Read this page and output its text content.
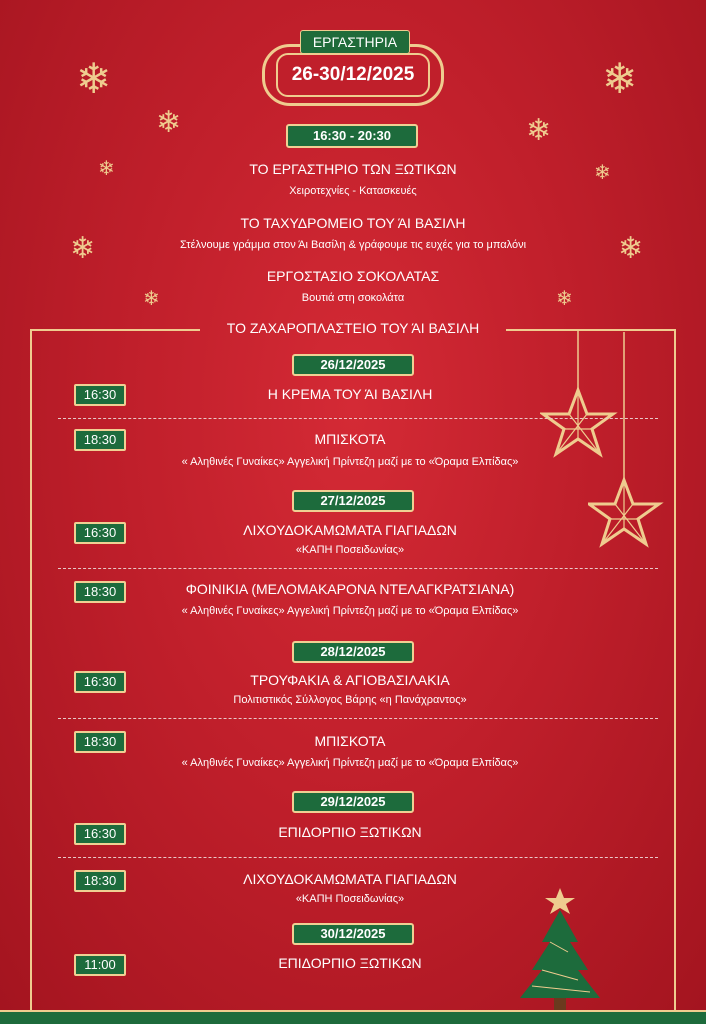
❄	❄
❄	❄
❄	❄
❄	❄
❄	❄
ΕΡΓΑΣΤΗΡΙΑ
26-30/12/2025
16:30 - 20:30
ΤΟ ΕΡΓΑΣΤΗΡΙΟ ΤΩΝ ΞΩΤΙΚΩΝ
Χειροτεχνίες - Κατασκευές
ΤΟ ΤΑΧΥΔΡΟΜΕΙΟ ΤΟΥ ΆΙ ΒΑΣΙΛΗ
Στέλνουμε γράμμα στον Άι Βασίλη & γράφουμε τις ευχές για το μπαλόνι
ΕΡΓΟΣΤΑΣΙΟ ΣΟΚΟΛΑΤΑΣ
Βουτιά στη σοκολάτα
ΤΟ ΖΑΧΑΡΟΠΛΑΣΤΕΙΟ ΤΟΥ ΆΙ ΒΑΣΙΛΗ
26/12/2025
16:30	Η ΚΡΕΜΑ ΤΟΥ ΆΙ ΒΑΣΙΛΗ
18:30	ΜΠΙΣΚΟΤΑ
« Αληθινές Γυναίκες» Αγγελική Πρίντεζη μαζί με το «Όραμα Ελπίδας»
27/12/2025
16:30	ΛΙΧΟΥΔΟΚΑΜΩΜΑΤΑ ΓΙΑΓΙΑΔΩΝ
«ΚΑΠΗ Ποσειδωνίας»
18:30	ΦΟΙΝΙΚΙΑ (ΜΕΛΟΜΑΚΑΡΟΝΑ ΝΤΕΛΑΓΚΡΑΤΣΙΑΝΑ)
« Αληθινές Γυναίκες» Αγγελική Πρίντεζη μαζί με το «Όραμα Ελπίδας»
28/12/2025
16:30	ΤΡΟΥΦΑΚΙΑ & ΑΓΙΟΒΑΣΙΛΑΚΙΑ
Πολιτιστικός Σύλλογος Βάρης «η Πανάχραντος»
18:30	ΜΠΙΣΚΟΤΑ
« Αληθινές Γυναίκες» Αγγελική Πρίντεζη μαζί με το «Όραμα Ελπίδας»
29/12/2025
16:30	ΕΠΙΔΟΡΠΙΟ ΞΩΤΙΚΩΝ
18:30	ΛΙΧΟΥΔΟΚΑΜΩΜΑΤΑ ΓΙΑΓΙΑΔΩΝ
«ΚΑΠΗ Ποσειδωνίας»
30/12/2025
11:00	ΕΠΙΔΟΡΠΙΟ ΞΩΤΙΚΩΝ
